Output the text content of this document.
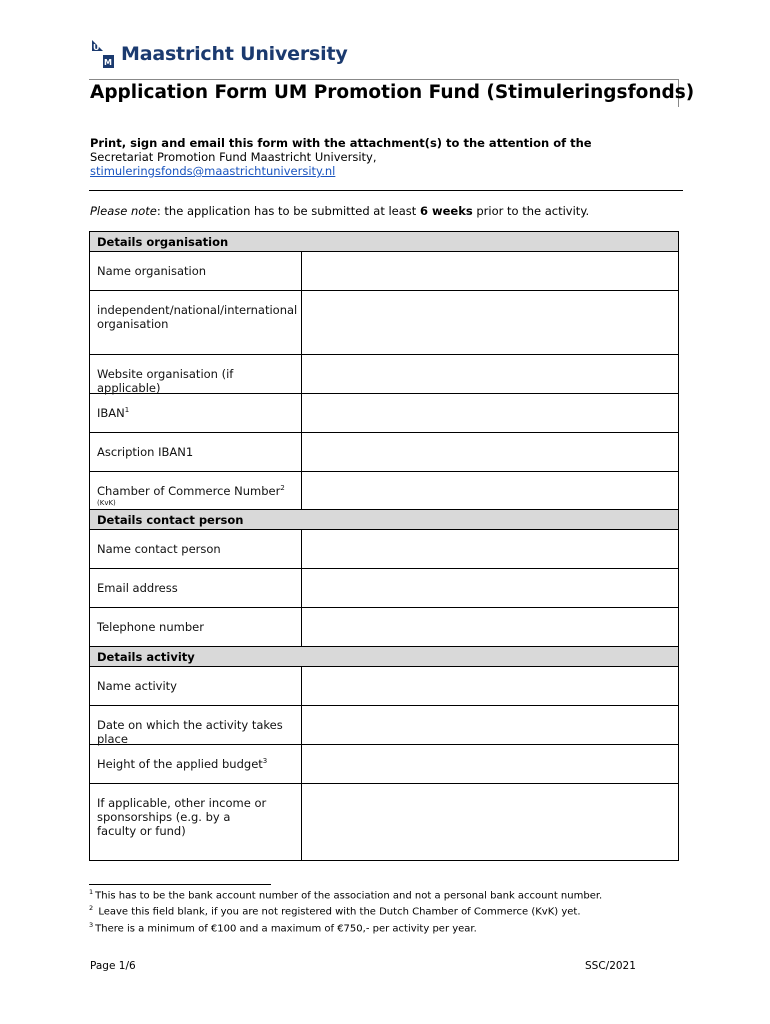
U
M Maastricht University
Application Form UM Promotion Fund (Stimuleringsfonds)
Print, sign and email this form with the attachment(s) to the attention of the
Secretariat Promotion Fund Maastricht University,
stimuleringsfonds@maastrichtuniversity.nl
Please note: the application has to be submitted at least 6 weeks prior to the activity.
Details organisation
Name organisation
independent/national/international organisation
Website organisation (if applicable)
IBAN$^1$
Ascription IBAN1
Chamber of Commerce Number$^2$
(KvK)
Details contact person
Name contact person
Email address
Telephone number
Details activity
Name activity
Date on which the activity takes place
Height of the applied budget$^3$
If applicable, other income or sponsorships (e.g. by a faculty or fund)
$^1$ This has to be the bank account number of the association and not a personal bank account number.
$^2$ Leave this field blank, if you are not registered with the Dutch Chamber of Commerce (KvK) yet.
$^3$ There is a minimum of €100 and a maximum of €750,- per activity per year.
Page 1/6	SSC/2021
